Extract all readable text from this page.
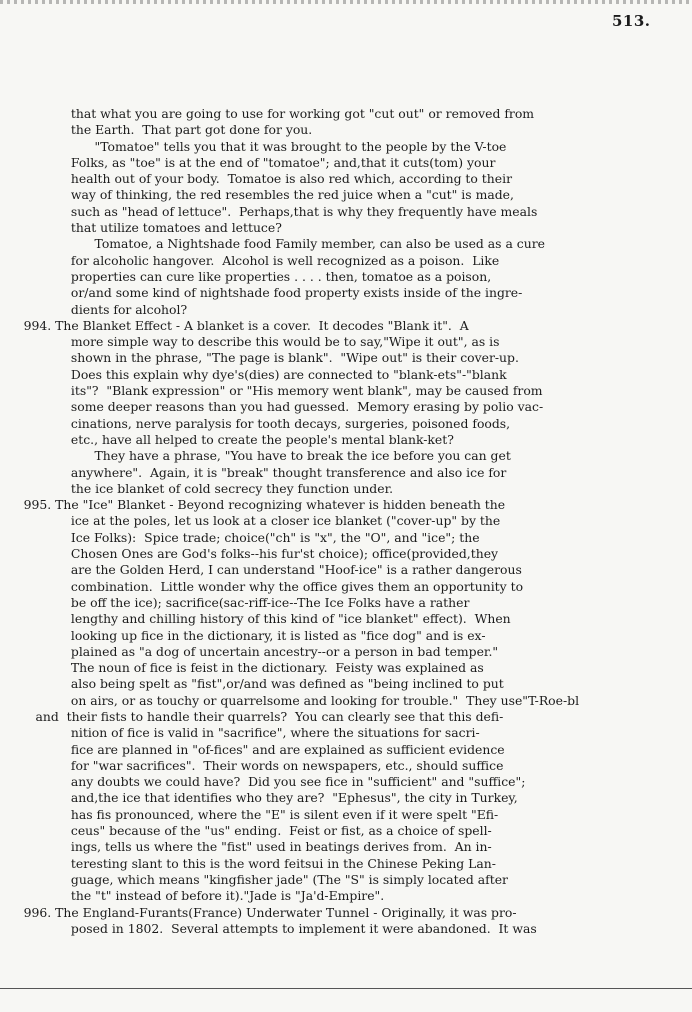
513.
that what you are going to use for working got "cut out" or removed from
the Earth.  That part got done for you.
"Tomatoe" tells you that it was brought to the people by the V-toe
Folks, as "toe" is at the end of "tomatoe"; and,that it cuts(tom) your
health out of your body.  Tomatoe is also red which, according to their
way of thinking, the red resembles the red juice when a "cut" is made,
such as "head of lettuce".  Perhaps,that is why they frequently have meals
that utilize tomatoes and lettuce?
Tomatoe, a Nightshade food Family member, can also be used as a cure
for alcoholic hangover.  Alcohol is well recognized as a poison.  Like
properties can cure like properties . . . . then, tomatoe as a poison,
or/and some kind of nightshade food property exists inside of the ingre-
dients for alcohol?
994. The Blanket Effect - A blanket is a cover.  It decodes "Blank it".  A
more simple way to describe this would be to say,"Wipe it out", as is
shown in the phrase, "The page is blank".  "Wipe out" is their cover-up.
Does this explain why dye's(dies) are connected to "blank-ets"-"blank
its"?  "Blank expression" or "His memory went blank", may be caused from
some deeper reasons than you had guessed.  Memory erasing by polio vac-
cinations, nerve paralysis for tooth decays, surgeries, poisoned foods,
etc., have all helped to create the people's mental blank-ket?
They have a phrase, "You have to break the ice before you can get
anywhere".  Again, it is "break" thought transference and also ice for
the ice blanket of cold secrecy they function under.
995. The "Ice" Blanket - Beyond recognizing whatever is hidden beneath the
ice at the poles, let us look at a closer ice blanket ("cover-up" by the
Ice Folks):  Spice trade; choice("ch" is "x", the "O", and "ice"; the
Chosen Ones are God's folks--his fur'st choice); office(provided,they
are the Golden Herd, I can understand "Hoof-ice" is a rather dangerous
combination.  Little wonder why the office gives them an opportunity to
be off the ice); sacrifice(sac-riff-ice--The Ice Folks have a rather
lengthy and chilling history of this kind of "ice blanket" effect).  When
looking up fice in the dictionary, it is listed as "fice dog" and is ex-
plained as "a dog of uncertain ancestry--or a person in bad temper."
The noun of fice is feist in the dictionary.  Feisty was explained as
also being spelt as "fist",or/and was defined as "being inclined to put
on airs, or as touchy or quarrelsome and looking for trouble."  They use"T-Roe-bl
and  their fists to handle their quarrels?  You can clearly see that this defi-
nition of fice is valid in "sacrifice", where the situations for sacri-
fice are planned in "of-fices" and are explained as sufficient evidence
for "war sacrifices".  Their words on newspapers, etc., should suffice
any doubts we could have?  Did you see fice in "sufficient" and "suffice";
and,the ice that identifies who they are?  "Ephesus", the city in Turkey,
has fis pronounced, where the "E" is silent even if it were spelt "Efi-
ceus" because of the "us" ending.  Feist or fist, as a choice of spell-
ings, tells us where the "fist" used in beatings derives from.  An in-
teresting slant to this is the word feitsui in the Chinese Peking Lan-
guage, which means "kingfisher jade" (The "S" is simply located after
the "t" instead of before it)."Jade is "Ja'd-Empire".
996. The England-Furants(France) Underwater Tunnel - Originally, it was pro-
posed in 1802.  Several attempts to implement it were abandoned.  It was
